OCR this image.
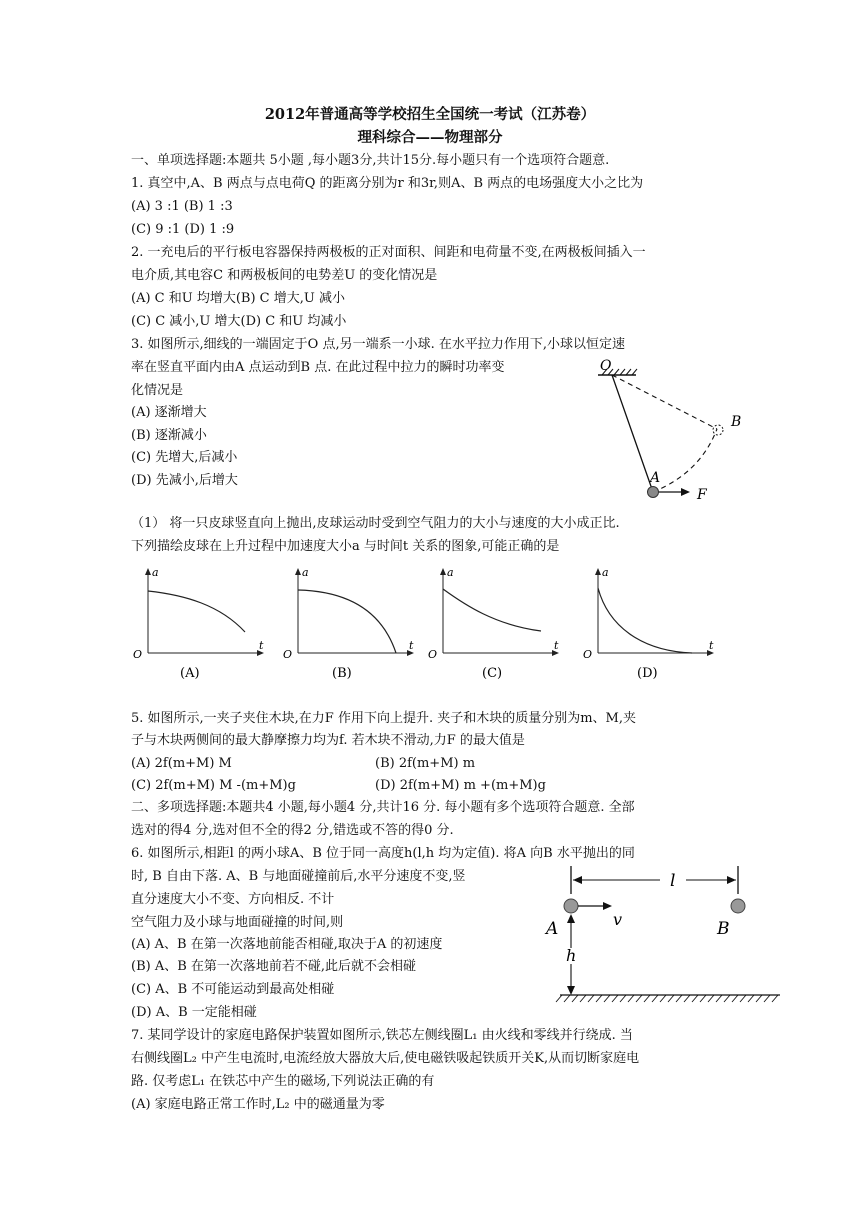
2012年普通高等学校招生全国统一考试（江苏卷）
理科综合——物理部分
一、单项选择题:本题共 5小题 ,每小题3分,共计15分.每小题只有一个选项符合题意.
1. 真空中,A、B 两点与点电荷Q 的距离分别为r 和3r,则A、B 两点的电场强度大小之比为
(A) 3 :1 (B) 1 :3
(C) 9 :1 (D) 1 :9
2. 一充电后的平行板电容器保持两极板的正对面积、间距和电荷量不变,在两极板间插入一
电介质,其电容C 和两极板间的电势差U 的变化情况是
(A) C 和U 均增大(B) C 增大,U 减小
(C) C 减小,U 增大(D) C 和U 均减小
3. 如图所示,细线的一端固定于O 点,另一端系一小球. 在水平拉力作用下,小球以恒定速
率在竖直平面内由A 点运动到B 点. 在此过程中拉力的瞬时功率变
化情况是
(A) 逐渐增大
(B) 逐渐减小
(C) 先增大,后减小
(D) 先减小,后增大
O
B
A
F
（1） 将一只皮球竖直向上抛出,皮球运动时受到空气阻力的大小与速度的大小成正比.
下列描绘皮球在上升过程中加速度大小a 与时间t 关系的图象,可能正确的是
a
t
O
(A)
a
t
O
(B)
a
t
O
(C)
a
t
O
(D)
5. 如图所示,一夹子夹住木块,在力F 作用下向上提升. 夹子和木块的质量分别为m、M,夹
子与木块两侧间的最大静摩擦力均为f. 若木块不滑动,力F 的最大值是
(A) 2f(m+M) M	(B) 2f(m+M) m
(C) 2f(m+M) M -(m+M)g	(D) 2f(m+M) m +(m+M)g
二、多项选择题:本题共4 小题,每小题4 分,共计16 分. 每小题有多个选项符合题意. 全部
选对的得4 分,选对但不全的得2 分,错选或不答的得0 分.
6. 如图所示,相距l 的两小球A、B 位于同一高度h(l,h 均为定值). 将A 向B 水平抛出的同
时, B 自由下落. A、B 与地面碰撞前后,水平分速度不变,竖
直分速度大小不变、方向相反. 不计
空气阻力及小球与地面碰撞的时间,则
(A) A、B 在第一次落地前能否相碰,取决于A 的初速度
(B) A、B 在第一次落地前若不碰,此后就不会相碰
(C) A、B 不可能运动到最高处相碰
(D) A、B 一定能相碰
l
v
A	B
h
7. 某同学设计的家庭电路保护装置如图所示,铁芯左侧线圈L₁ 由火线和零线并行绕成. 当
右侧线圈L₂ 中产生电流时,电流经放大器放大后,使电磁铁吸起铁质开关K,从而切断家庭电
路. 仅考虑L₁ 在铁芯中产生的磁场,下列说法正确的有
(A) 家庭电路正常工作时,L₂ 中的磁通量为零
